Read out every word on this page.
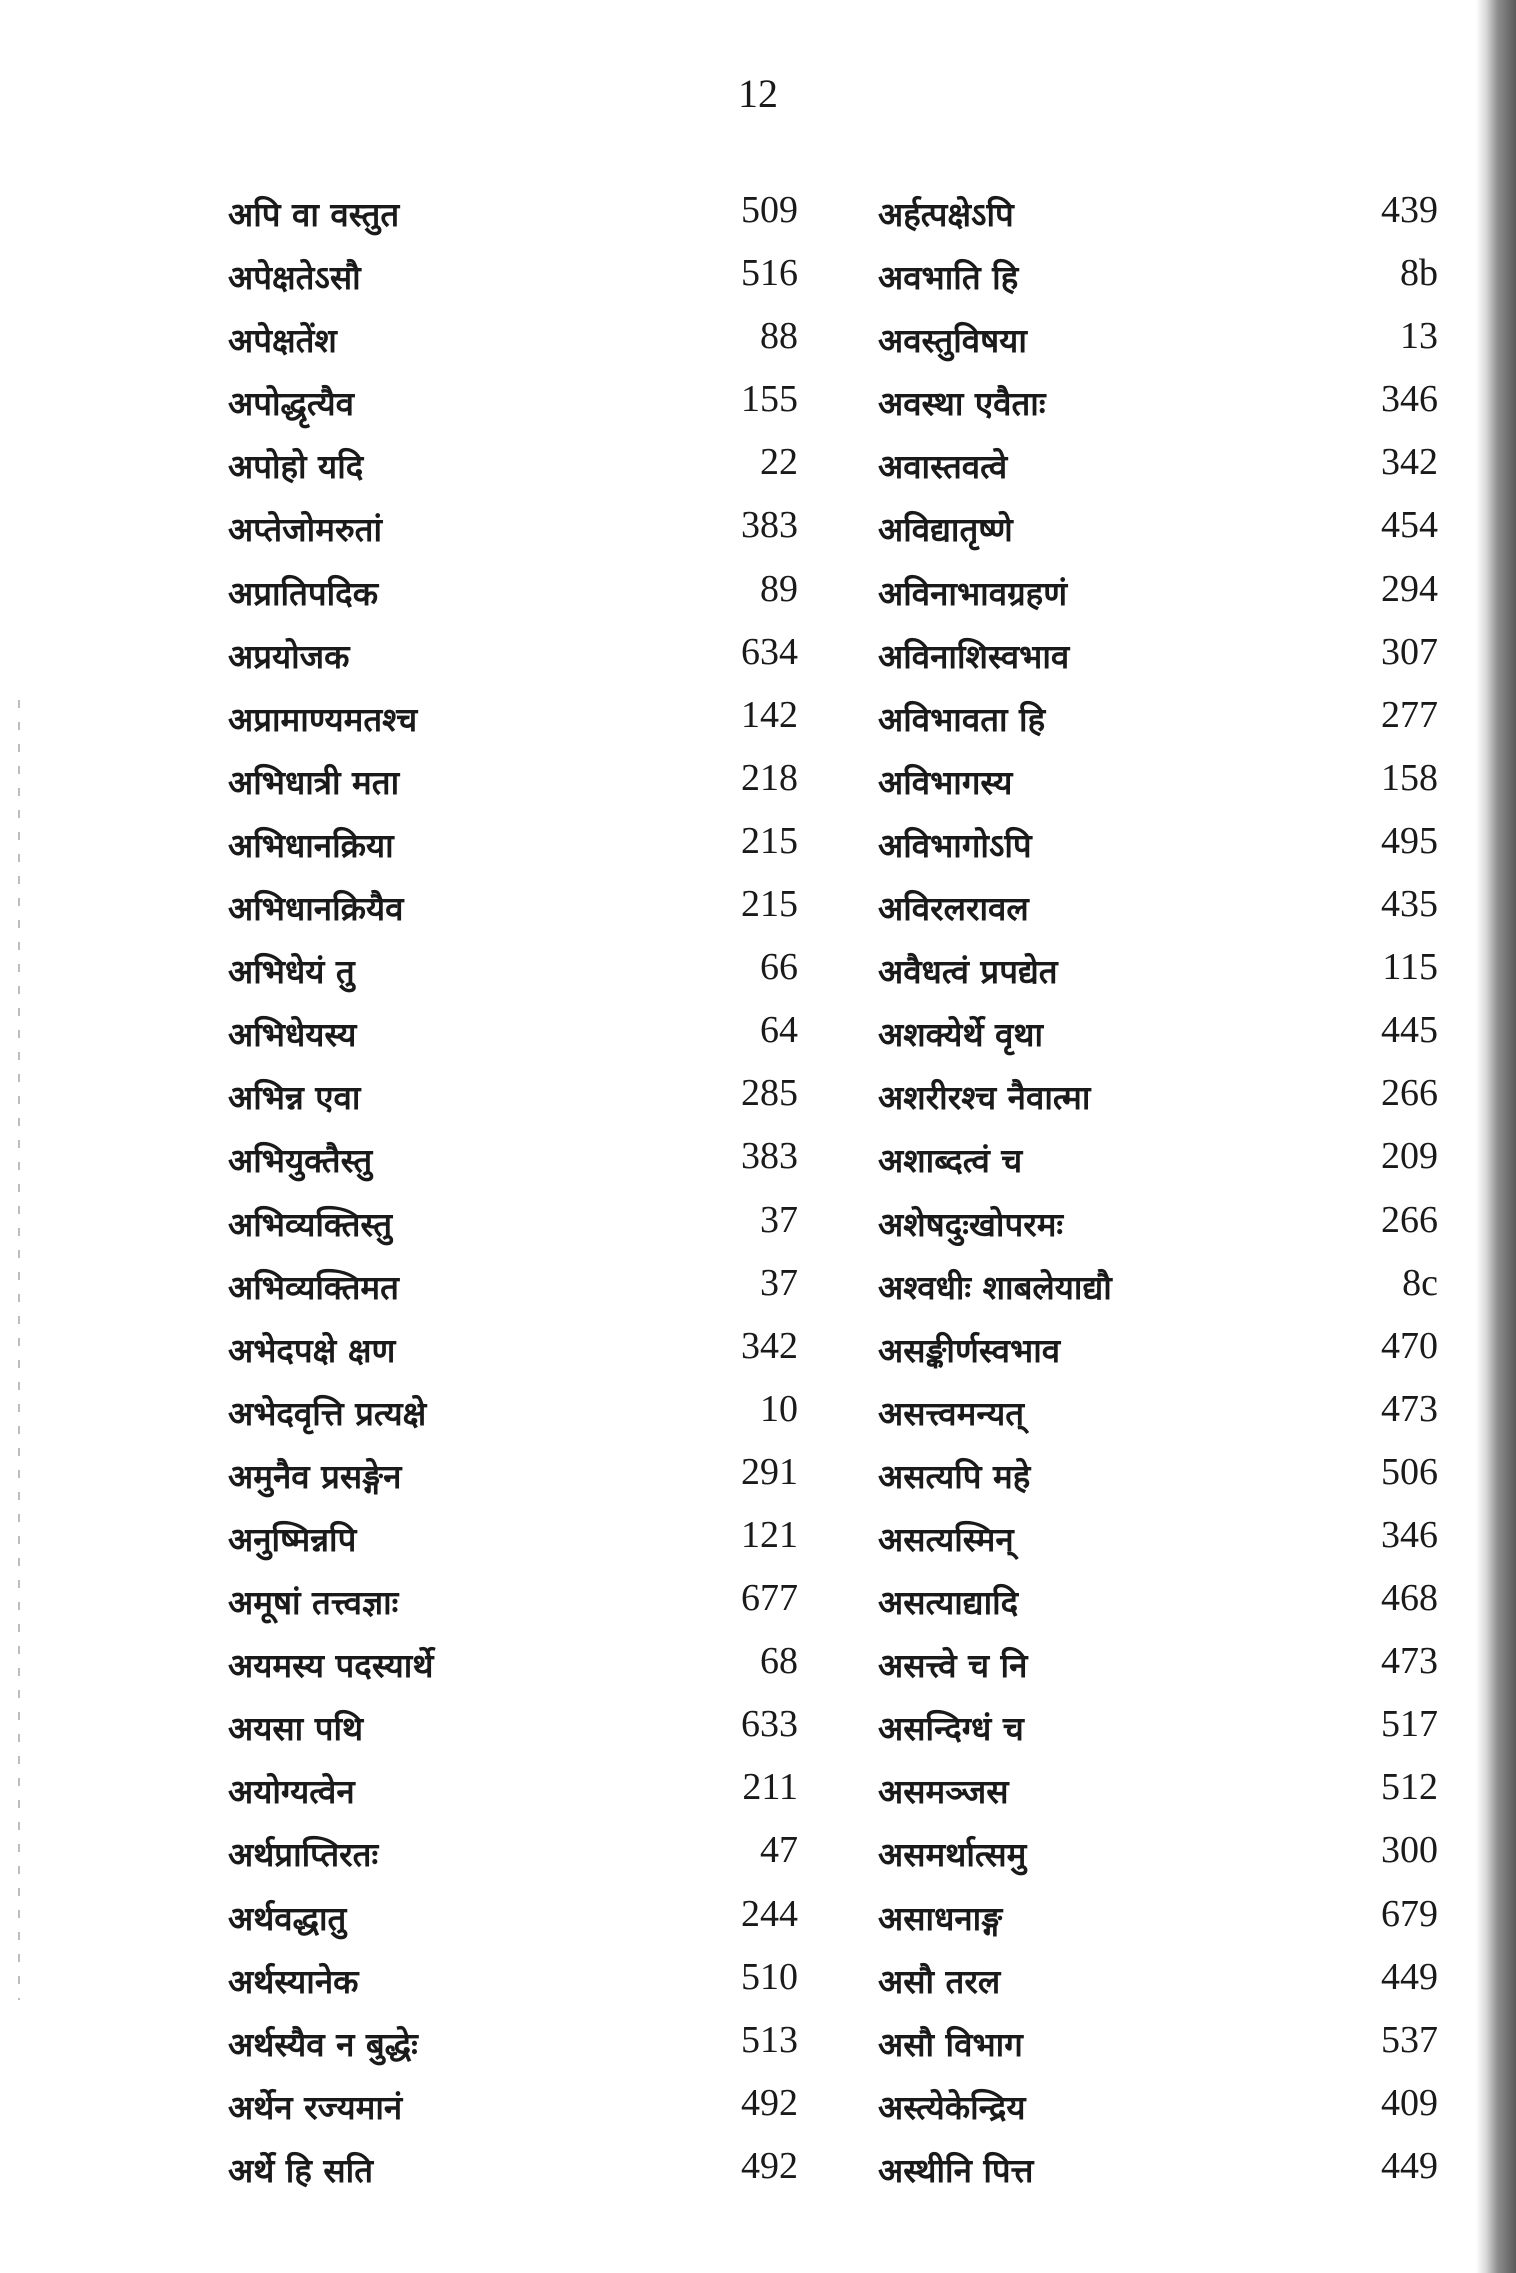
12
अपि वा वस्तुत	509
अपेक्षतेऽसौ	516
अपेक्षतेंश	88
अपोद्धृत्यैव	155
अपोहो यदि	22
अप्तेजोमरुतां	383
अप्रातिपदिक	89
अप्रयोजक	634
अप्रामाण्यमतश्च	142
अभिधात्री मता	218
अभिधानक्रिया	215
अभिधानक्रियैव	215
अभिधेयं तु	66
अभिधेयस्य	64
अभिन्न एवा	285
अभियुक्तैस्तु	383
अभिव्यक्तिस्तु	37
अभिव्यक्तिमत	37
अभेदपक्षे क्षण	342
अभेदवृत्ति प्रत्यक्षे	10
अमुनैव प्रसङ्गेन	291
अनुष्मिन्नपि	121
अमूषां तत्त्वज्ञाः	677
अयमस्य पदस्यार्थे	68
अयसा पथि	633
अयोग्यत्वेन	211
अर्थप्राप्तिरतः	47
अर्थवद्धातु	244
अर्थस्यानेक	510
अर्थस्यैव न बुद्धेः	513
अर्थेन रज्यमानं	492
अर्थे हि सति	492
अर्हत्पक्षेऽपि	439
अवभाति हि	8b
अवस्तुविषया	13
अवस्था एवैताः	346
अवास्तवत्वे	342
अविद्यातृष्णे	454
अविनाभावग्रहणं	294
अविनाशिस्वभाव	307
अविभावता हि	277
अविभागस्य	158
अविभागोऽपि	495
अविरलरावल	435
अवैधत्वं प्रपद्येत	115
अशक्येर्थे वृथा	445
अशरीरश्च नैवात्मा	266
अशाब्दत्वं च	209
अशेषदुःखोपरमः	266
अश्वधीः शाबलेयाद्यौ	8c
असङ्कीर्णस्वभाव	470
असत्त्वमन्यत्	473
असत्यपि महे	506
असत्यस्मिन्	346
असत्याद्यादि	468
असत्त्वे च नि	473
असन्दिग्धं च	517
असमञ्जस	512
असमर्थात्समु	300
असाधनाङ्ग	679
असौ तरल	449
असौ विभाग	537
अस्त्येकेन्द्रिय	409
अस्थीनि पित्त	449
